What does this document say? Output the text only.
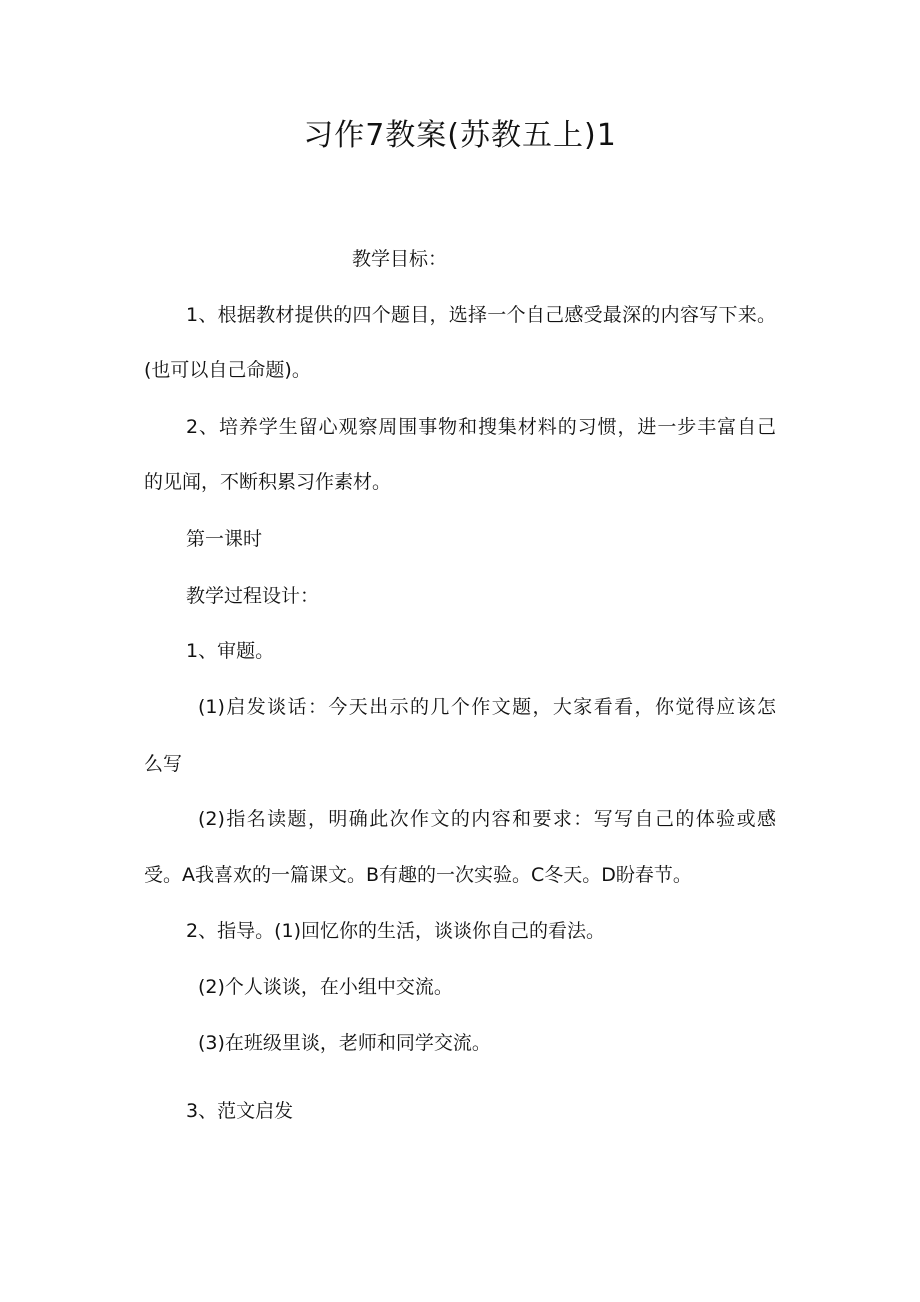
习作7教案(苏教五上)1
教学目标：
1、根据教材提供的四个题目，选择一个自己感受最深的内容写下来。
(也可以自己命题)。
2、培养学生留心观察周围事物和搜集材料的习惯，进一步丰富自己
的见闻，不断积累习作素材。
第一课时
教学过程设计：
1、审题。
(1)启发谈话：今天出示的几个作文题，大家看看，你觉得应该怎
么写
(2)指名读题，明确此次作文的内容和要求：写写自己的体验或感
受。A我喜欢的一篇课文。B有趣的一次实验。C冬天。D盼春节。
2、指导。(1)回忆你的生活，谈谈你自己的看法。
(2)个人谈谈，在小组中交流。
(3)在班级里谈，老师和同学交流。
3、范文启发
